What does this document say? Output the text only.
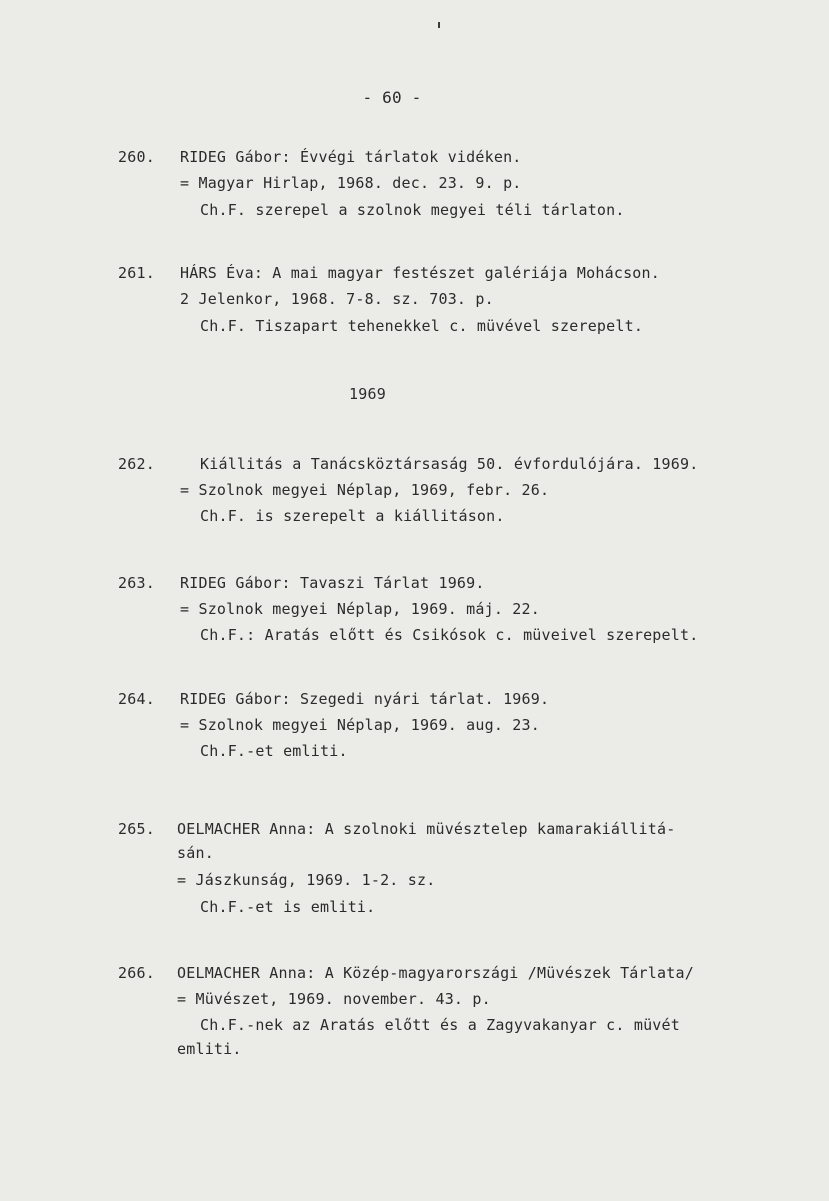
- 60 -
260. RIDEG Gábor: Évvégi tárlatok vidéken.
= Magyar Hirlap, 1968. dec. 23. 9. p.
Ch.F. szerepel a szolnok megyei téli tárlaton.
261. HÁRS Éva: A mai magyar festészet galériája Mohácson.
2 Jelenkor, 1968. 7-8. sz. 703. p.
Ch.F. Tiszapart tehenekkel c. müvével szerepelt.
1969
262.	Kiállitás a Tanácsköztársaság 50. évfordulójára. 1969.
= Szolnok megyei Néplap, 1969, febr. 26.
Ch.F. is szerepelt a kiállitáson.
263. RIDEG Gábor: Tavaszi Tárlat 1969.
= Szolnok megyei Néplap, 1969. máj. 22.
Ch.F.: Aratás előtt és Csikósok c. müveivel szerepelt.
264. RIDEG Gábor: Szegedi nyári tárlat. 1969.
= Szolnok megyei Néplap, 1969. aug. 23.
Ch.F.-et emliti.
265. OELMACHER Anna: A szolnoki müvésztelep kamarakiállitá-
sán.
= Jászkunság, 1969. 1-2. sz.
Ch.F.-et is emliti.
266. OELMACHER Anna: A Közép-magyarországi /Müvészek Tárlata/
= Müvészet, 1969. november. 43. p.
Ch.F.-nek az Aratás előtt és a Zagyvakanyar c. müvét
emliti.
